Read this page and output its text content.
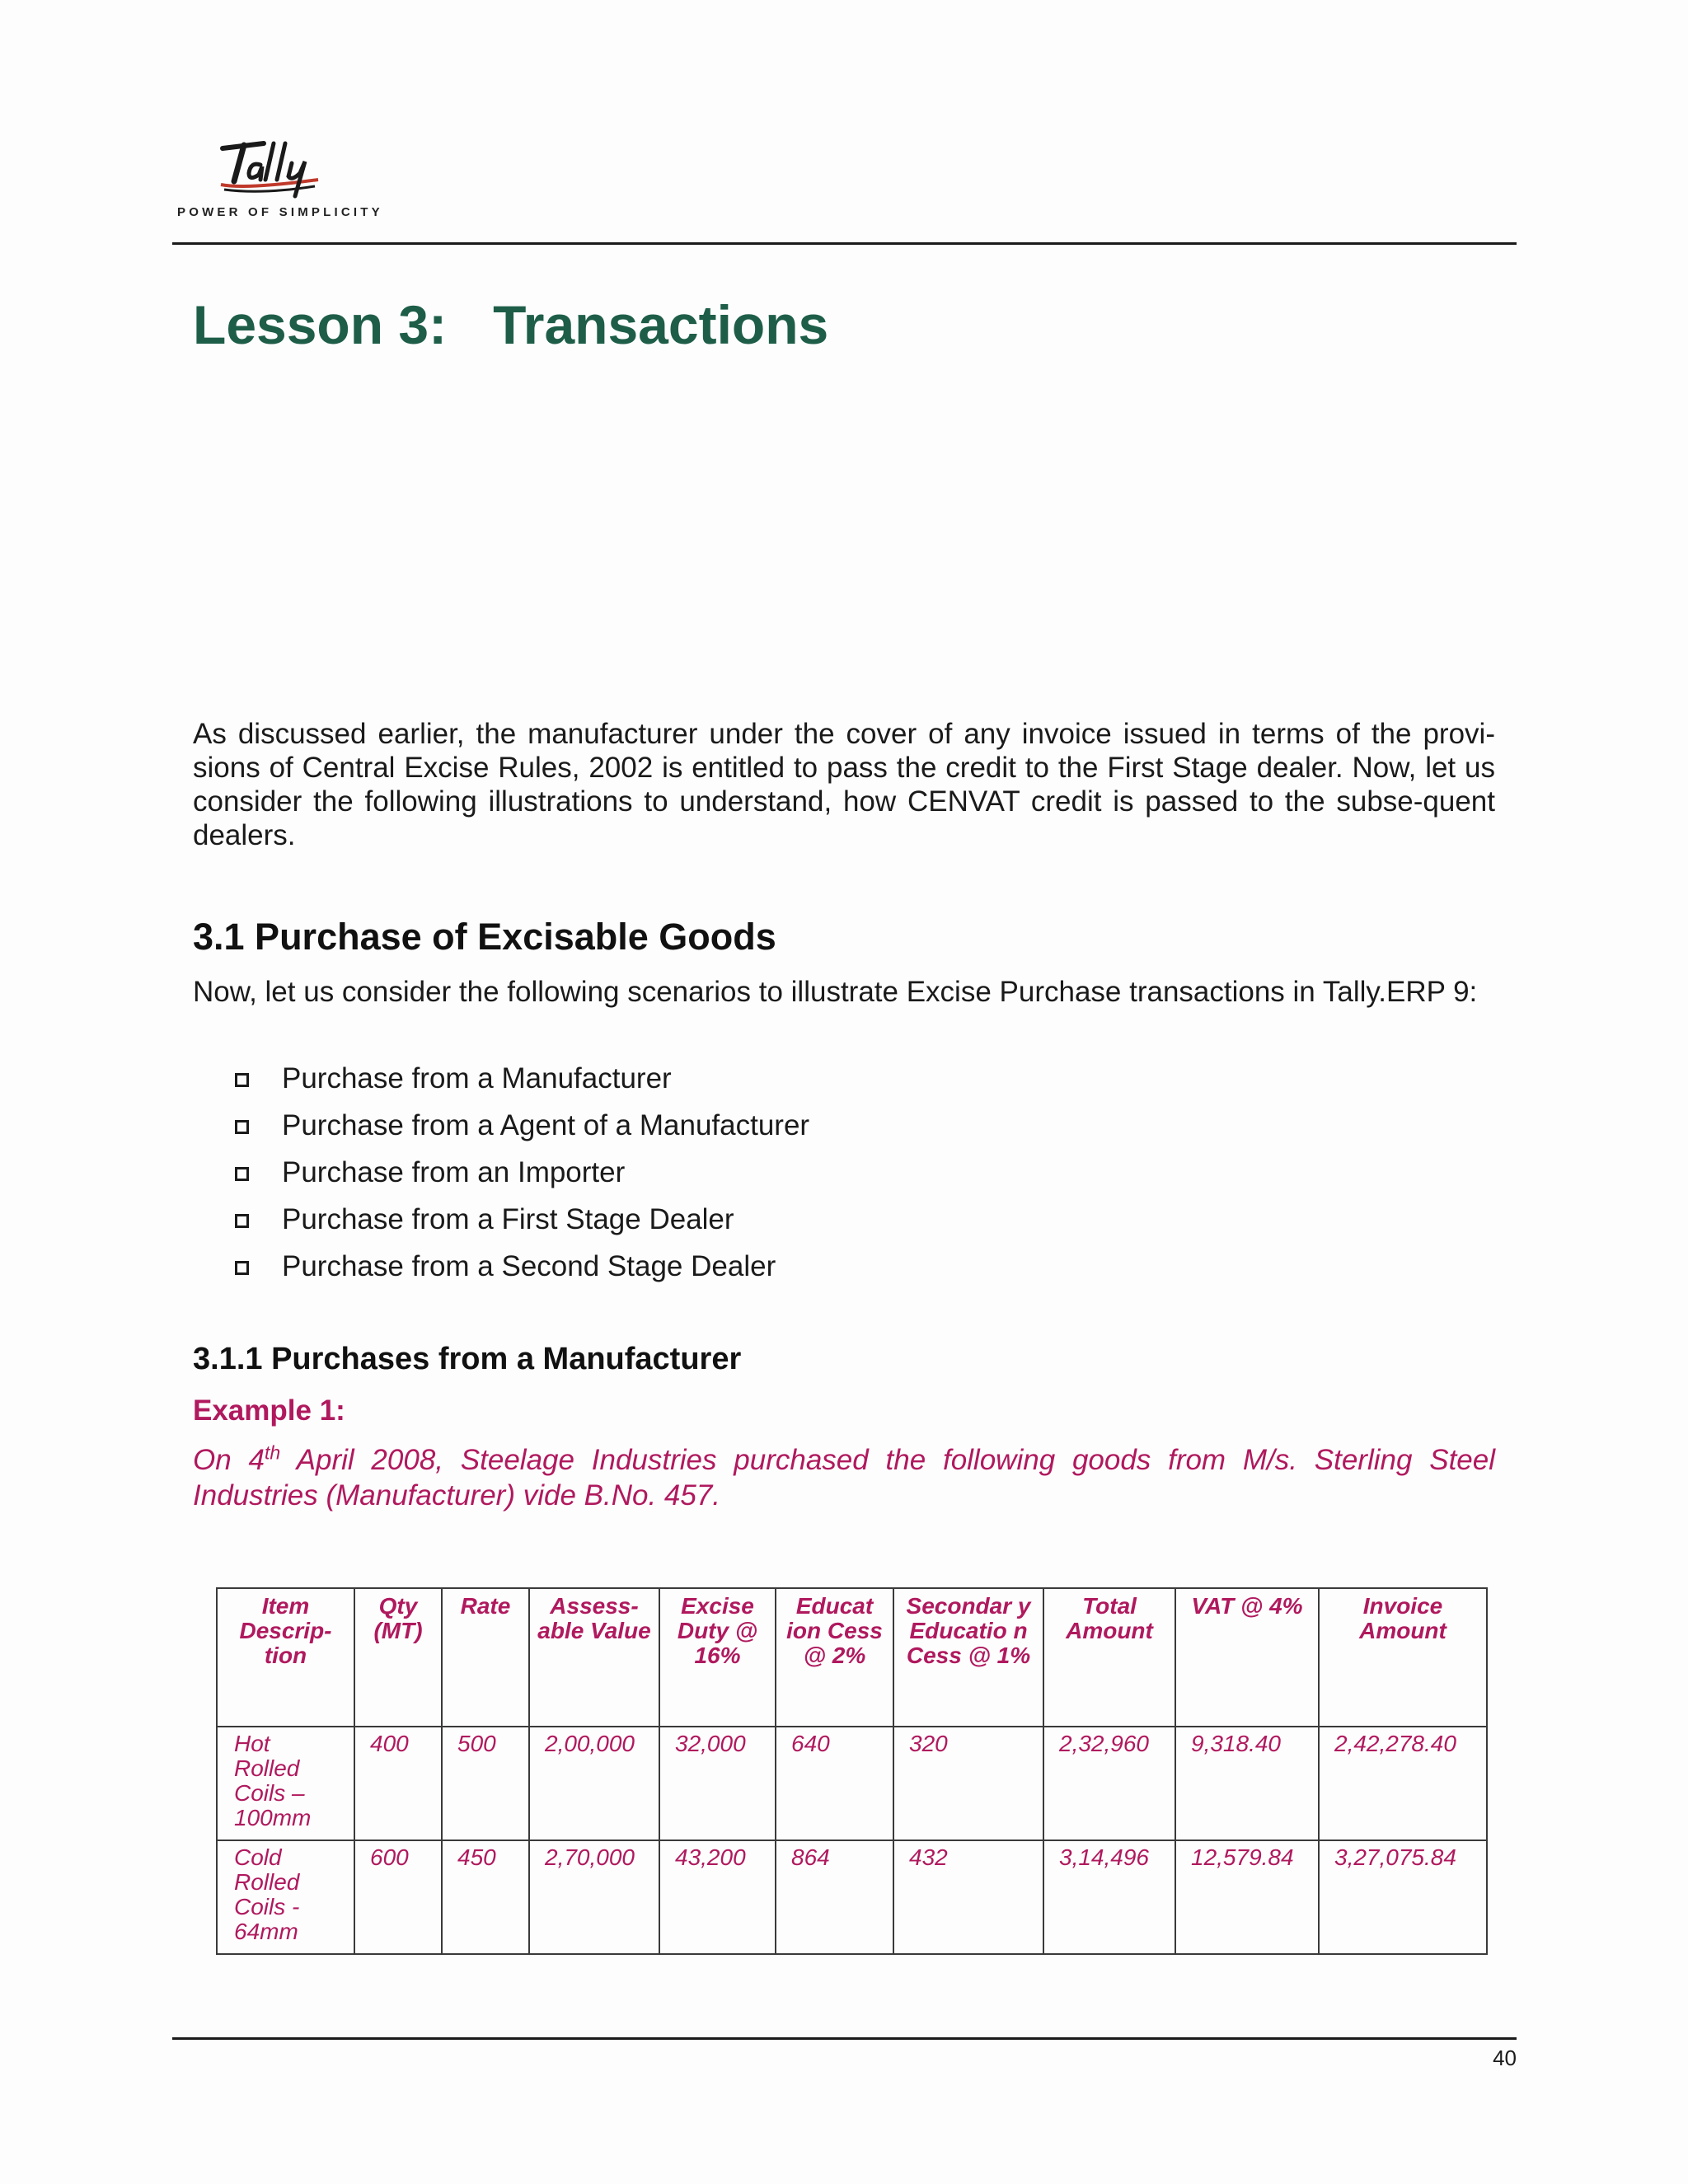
POWER OF SIMPLICITY
Lesson 3: Transactions

As discussed earlier, the manufacturer under the cover of any invoice issued in terms of the provi-sions of Central Excise Rules, 2002 is entitled to pass the credit to the First Stage dealer. Now, let us consider the following illustrations to understand, how CENVAT credit is passed to the subse-quent dealers.

3.1 Purchase of Excisable Goods

Now, let us consider the following scenarios to illustrate Excise Purchase transactions in Tally.ERP 9:

Purchase from a Manufacturer
Purchase from a Agent of a Manufacturer
Purchase from an Importer
Purchase from a First Stage Dealer
Purchase from a Second Stage Dealer
3.1.1 Purchases from a Manufacturer

Example 1:

On 4th April 2008, Steelage Industries purchased the following goods from M/s. Sterling Steel Industries (Manufacturer) vide B.No. 457.

Item Descrip-tion	Qty (MT)	Rate	Assess-able Value	Excise Duty @ 16%	Educat ion Cess @ 2%	Secondar y Educatio n Cess @ 1%	Total Amount	VAT @ 4%	Invoice Amount
Hot Rolled Coils – 100mm	400	500	2,00,000	32,000	640	320	2,32,960	9,318.40	2,42,278.40
Cold Rolled Coils - 64mm	600	450	2,70,000	43,200	864	432	3,14,496	12,579.84	3,27,075.84
40
